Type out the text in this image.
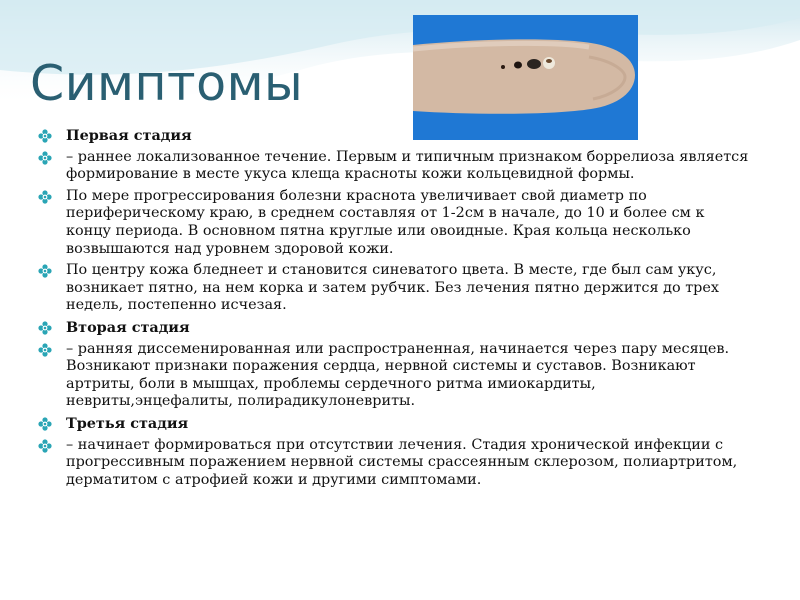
Симптомы
Первая стадия
– раннее локализованное течение. Первым и типичным признаком боррелиоза является формирование в месте укуса клеща красноты кожи кольцевидной формы.
По мере прогрессирования болезни краснота увеличивает свой диаметр по периферическому краю, в среднем составляя от 1-2см в начале, до 10 и более см к концу периода. В основном пятна круглые или овоидные. Края кольца несколько возвышаются над уровнем здоровой кожи.
По центру кожа бледнеет и становится синеватого цвета. В месте, где был сам укус, возникает пятно, на нем корка и затем рубчик. Без лечения пятно держится до трех недель, постепенно исчезая.
Вторая стадия
– ранняя диссеменированная или распространенная, начинается через пару месяцев. Возникают признаки поражения сердца, нервной системы и суставов. Возникают артриты, боли в мышцах, проблемы сердечного ритма имиокардиты, невриты,энцефалиты, полирадикулоневриты.
Третья стадия
– начинает формироваться при отсутствии лечения. Стадия хронической инфекции с прогрессивным поражением нервной системы срассеянным склерозом, полиартритом, дерматитом с атрофией кожи и другими симптомами.
